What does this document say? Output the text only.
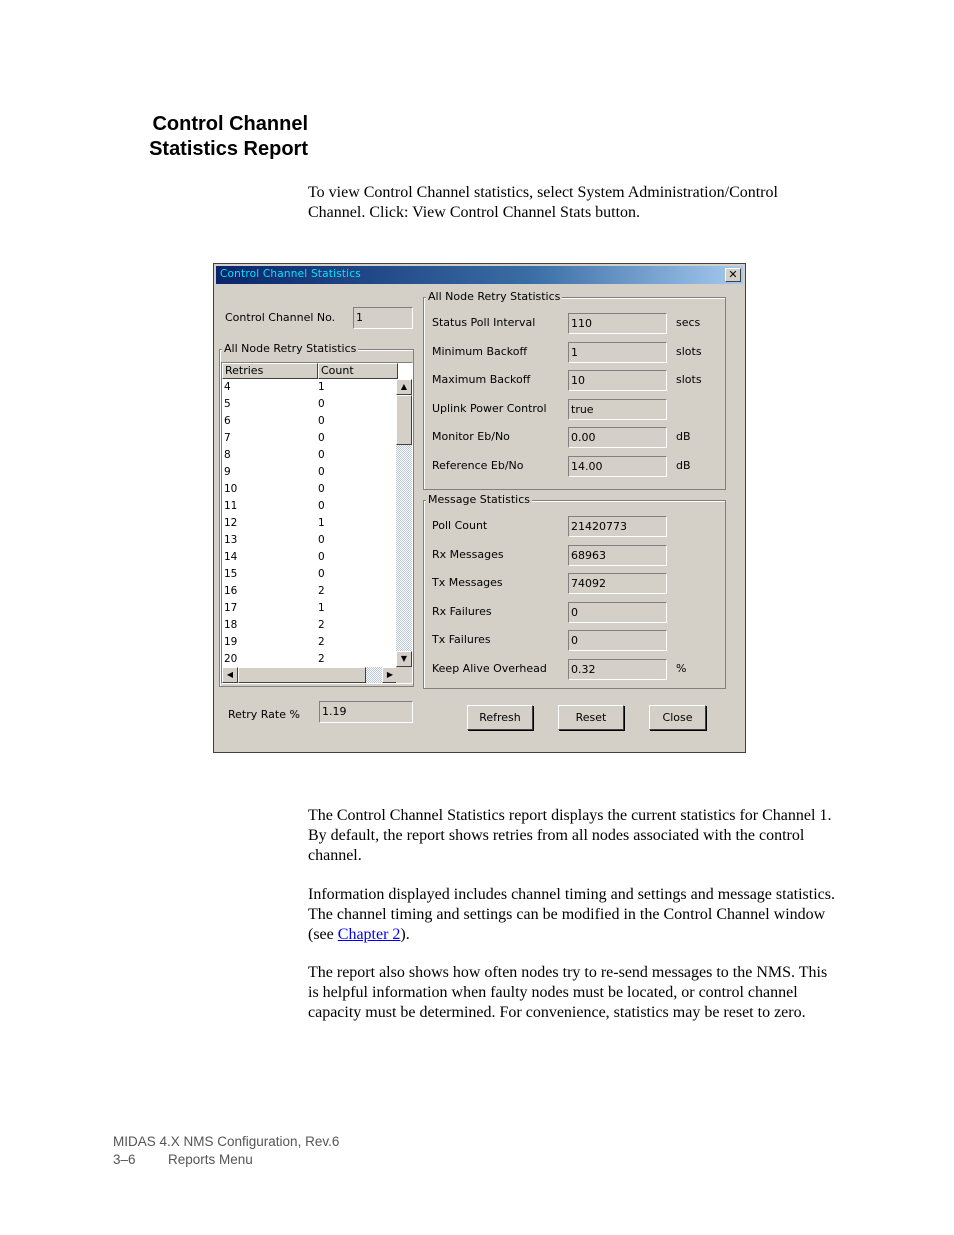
Control Channel
Statistics Report

To view Control Channel statistics, select System Administration/Control Channel. Click: View Control Channel Stats button.

Control Channel Statistics	✕
Control Channel No. 1
All Node Retry Statistics
Retries	Count
4	1
5	0
6	0
7	0
8	0
9	0
10	0
11	0
12	1
13	0
14	0
15	0
16	2
17	1
18	2
19	2
20	2
▲
▼
◀	▶
Retry Rate % 1.19
All Node Retry Statistics
Status Poll Interval	110	secs
Minimum Backoff	1	slots
Maximum Backoff	10	slots
Uplink Power Control true
Monitor Eb/No	0.00	dB
Reference Eb/No	14.00	dB
Message Statistics
Poll Count	21420773
Rx Messages	68963
Tx Messages	74092
Rx Failures	0
Tx Failures	0
Keep Alive Overhead 0.32	%
Refresh	Reset	Close

The Control Channel Statistics report displays the current statistics for Channel 1. By default, the report shows retries from all nodes associated with the control channel.

Information displayed includes channel timing and settings and message statistics. The channel timing and settings can be modified in the Control Channel window (see Chapter 2).

The report also shows how often nodes try to re-send messages to the NMS. This is helpful information when faulty nodes must be located, or control channel capacity must be determined. For convenience, statistics may be reset to zero.

MIDAS 4.X NMS Configuration, Rev.6
3–6 Reports Menu
